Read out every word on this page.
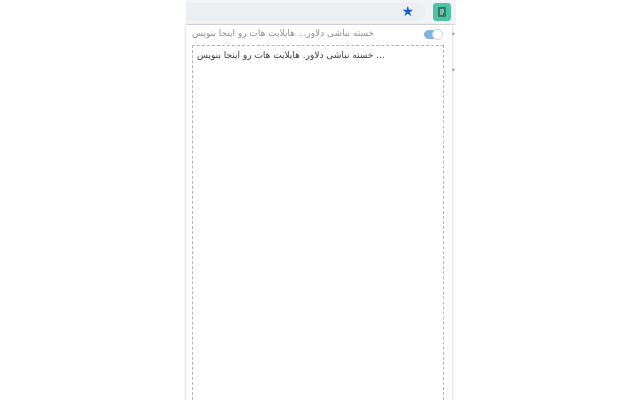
★
خسته نباشی دلاور... هایلایت هات رو اینجا بنویس
... خسته نباشی دلاور. هایلایت هات رو اینجا بنویس
•
•
